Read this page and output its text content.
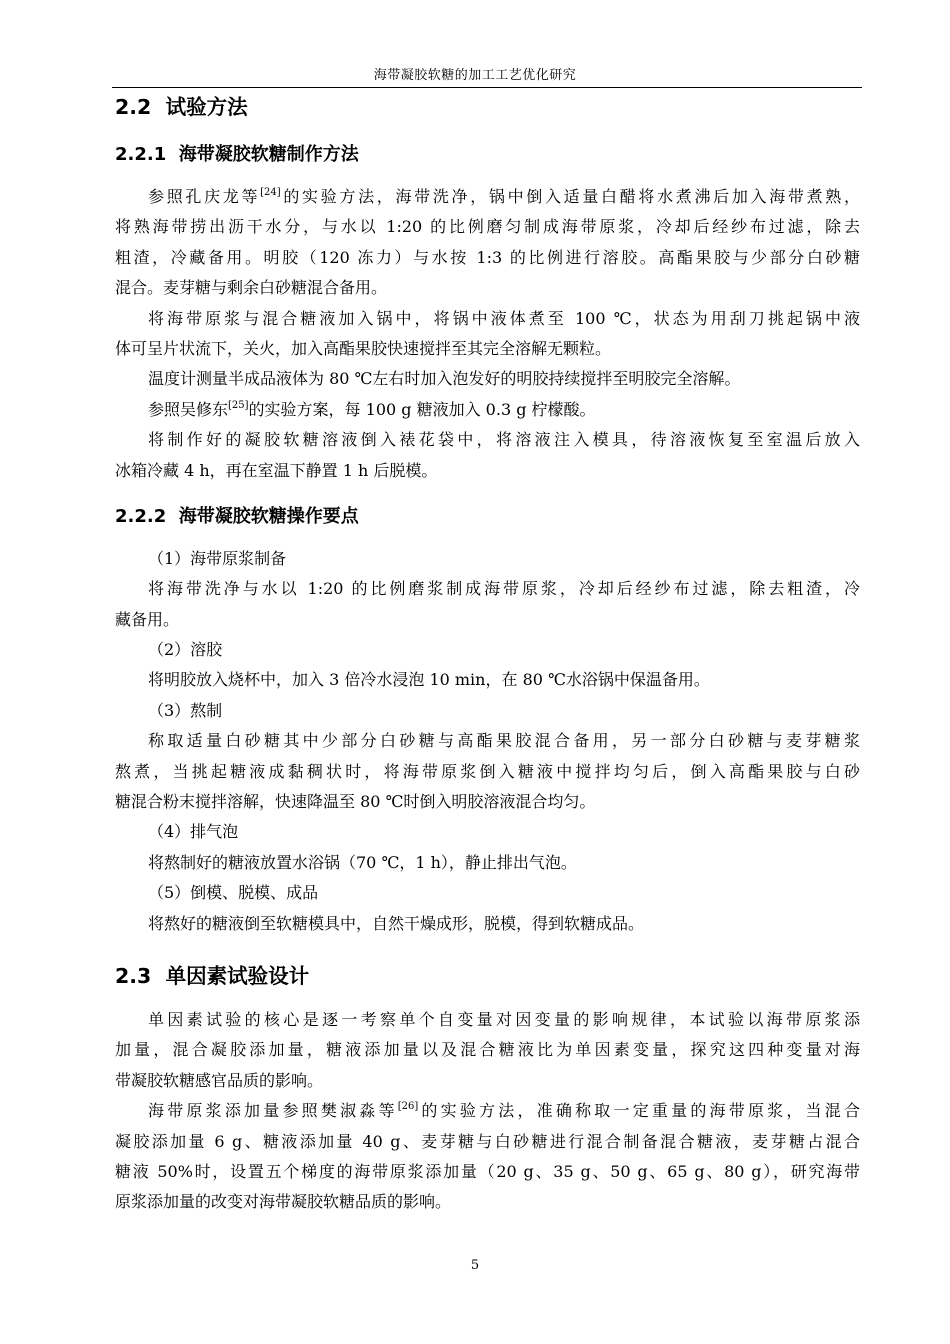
海带凝胶软糖的加工工艺优化研究
2.2 试验方法
2.2.1 海带凝胶软糖制作方法
参照孔庆龙等[24]的实验方法，海带洗净，锅中倒入适量白醋将水煮沸后加入海带煮熟，
将熟海带捞出沥干水分，与水以 1:20 的比例磨匀制成海带原浆，冷却后经纱布过滤，除去
粗渣，冷藏备用。明胶（120 冻力）与水按 1:3 的比例进行溶胶。高酯果胶与少部分白砂糖
混合。麦芽糖与剩余白砂糖混合备用。
将海带原浆与混合糖液加入锅中，将锅中液体煮至 100 ℃，状态为用刮刀挑起锅中液
体可呈片状流下，关火，加入高酯果胶快速搅拌至其完全溶解无颗粒。
温度计测量半成品液体为 80 ℃左右时加入泡发好的明胶持续搅拌至明胶完全溶解。
参照吴修东[25]的实验方案，每 100 g 糖液加入 0.3 g 柠檬酸。
将制作好的凝胶软糖溶液倒入裱花袋中，将溶液注入模具，待溶液恢复至室温后放入
冰箱冷藏 4 h，再在室温下静置 1 h 后脱模。
2.2.2 海带凝胶软糖操作要点
（1）海带原浆制备
将海带洗净与水以 1:20 的比例磨浆制成海带原浆，冷却后经纱布过滤，除去粗渣，冷
藏备用。
（2）溶胶
将明胶放入烧杯中，加入 3 倍冷水浸泡 10 min，在 80 ℃水浴锅中保温备用。
（3）熬制
称取适量白砂糖其中少部分白砂糖与高酯果胶混合备用，另一部分白砂糖与麦芽糖浆
熬煮，当挑起糖液成黏稠状时，将海带原浆倒入糖液中搅拌均匀后，倒入高酯果胶与白砂
糖混合粉末搅拌溶解，快速降温至 80 ℃时倒入明胶溶液混合均匀。
（4）排气泡
将熬制好的糖液放置水浴锅（70 ℃，1 h），静止排出气泡。
（5）倒模、脱模、成品
将熬好的糖液倒至软糖模具中，自然干燥成形，脱模，得到软糖成品。
2.3 单因素试验设计
单因素试验的核心是逐一考察单个自变量对因变量的影响规律，本试验以海带原浆添
加量，混合凝胶添加量，糖液添加量以及混合糖液比为单因素变量，探究这四种变量对海
带凝胶软糖感官品质的影响。
海带原浆添加量参照樊淑淼等[26]的实验方法，准确称取一定重量的海带原浆，当混合
凝胶添加量 6 g、糖液添加量 40 g、麦芽糖与白砂糖进行混合制备混合糖液，麦芽糖占混合
糖液 50%时，设置五个梯度的海带原浆添加量（20 g、35 g、50 g、65 g、80 g），研究海带
原浆添加量的改变对海带凝胶软糖品质的影响。
5
